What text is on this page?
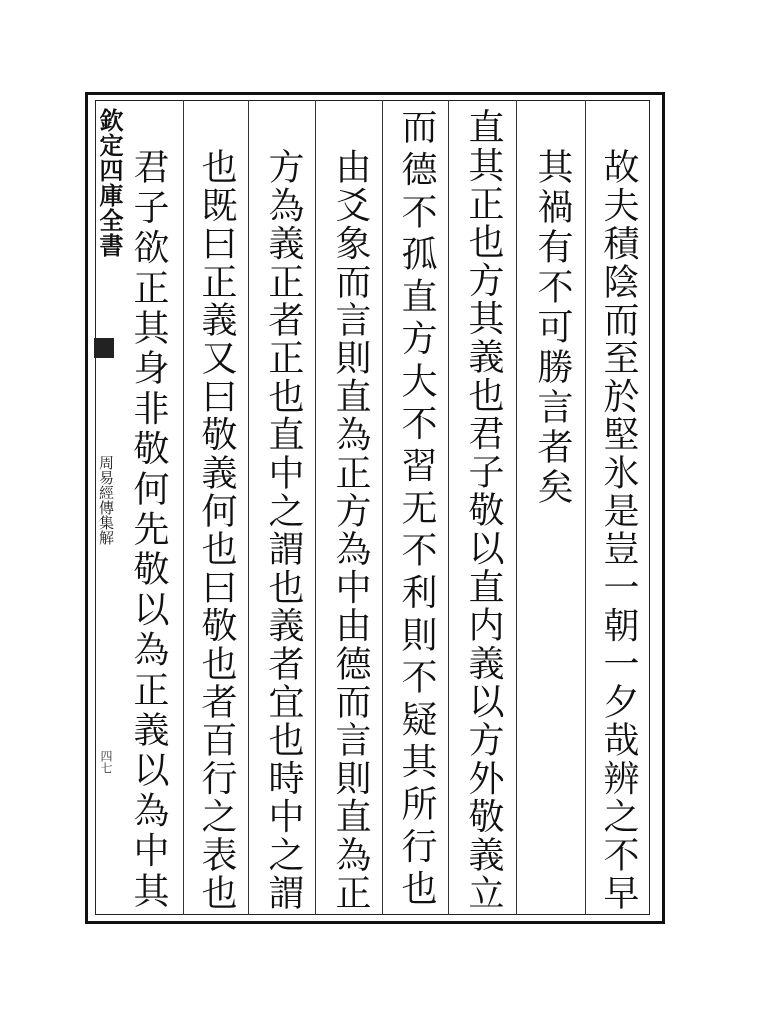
欽定四庫全書
周易經傳集解
四七	故夫積陰而至於堅氷是豈一朝一夕哉辨之不早
其禍有不可勝言者矣
直其正也方其義也君子敬以直内義以方外敬義立
而德不孤直方大不習无不利則不疑其所行也
由爻象而言則直為正方為中由德而言則直為正
方為義正者正也直中之謂也義者宜也時中之謂
也既曰正義又曰敬義何也曰敬也者百行之表也
君子欲正其身非敬何先敬以為正義以為中其
